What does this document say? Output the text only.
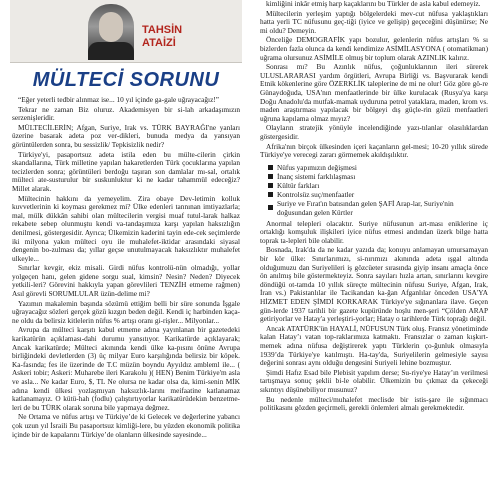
TAHSİN
ATAİZİ
MÜLTECİ SORUNU

“Eğer yeterli tedbir alınmaz ise... 10 yıl içinde ga-gale uğrayacağız!”

Tekrar ne zaman Biz oluruz. Akademisyen bir si-lah arkadaşımızın serzenişleridir.

MÜLTECİLERİN; Afgan, Suriye, Irak vs. TÜRK BAYRAĞI'ne yanları üzerine basarak adeta poz ver-dikleri, bunuda medya da yansıyan görüntülerden sonra, bu sessizlik/ Tepkisizlik nedir?

Türkiye'yi, pasaportsuz adeta istila eden bu mülte-cilerin çirkin skandallarına, Türk milletine yapılan hakaretlerden Türk çocuklarına yapılan tecizlerden sonra; görüntüleri berdoğu taşıran son damlalar mı-sal, ortalık mülteci ate-susturulur bir suskunluktur ki ne kadar tahammül edeceğiz? Millet alarak.

Mültecinin hakkını da yemeyelim. Zira obaye Dev-letimin kolluk kuvvetlerinin ki koyması gerekmez mi? Ülke edenleri tannınan imtiyazlarla; mal, mülk dükkân sahibi olan mültecilerin vergisi muaf tutul-larak halkaz rekabete sebep olunmuştu kendi va-tandaşımıza karşı yapılan haksızlığın denilmesi, göstergesidir. Ayrıca; Ülkemizin kaderini tayin ede-cek seçimlerde iki milyona yakın mülteci oyu ile muhalefet-iktidar arasındaki siyasal dengenin bo-zulması da; yıllar geçse unutulmayacak haksızlıktır muhalefet ulkeyle...

Sınırlar kevgir, ekiz misali. Girdi nüfus kontrolü-nün olmadığı, yollar yolgeçen hanı, gelen gidene sorgu sual, kimsin? Nesin? Neden? Diyecek yetkili-leri? Görevini hakkıyla yapan görevlileri TENZİH etmeme rağmen) Asıl görevli SORUMLULAR üzün-delime mi?

Yazımın makalemin başında sözümü ettiğim belli bir süre sonunda İşgale uğrayacağız sözleri gerçek gözü kızgın beden değil. Kendi iç harbinden kaça-ne oldu da belirsiz kitlelerin nüfus % artışı oranı gi-rişler... Milyonlar...

Avrupa da mülteci karşıtı kabul etmeme adına yayınlanan bir gazetedeki karikatürün açıklaması-dahi durumu yansıtıyor. Karikatürde açıklayarak; Ancak karikatürde; Mülteci akınında kendi ülke ka-pısını önüne Avrupa birliğindeki devletlerden (3) üç milyar Euro karşılığında belirsiz bir köpek. Ka-fasında; fes ile üzerinde de T.C müzün boyndu Ayyıldız ambleml ile... ( Askeri tobir; Askeri: Muharebe ileri Karakolu )( HEN) Benim Türkiye'm asla ve asla... Ne kadar Euro, $, TL Ne olursa ne kadar olsa da, kimi-senin MİK adına kendi ülkesi yozlaşmıyan haksızlık-larını meifaatine katlanamaz katlanamayız. O kütü-hah (fodlu) çalıştırtıyorlar karikatürüdekiın benzetme-leri de bu TÜRK olarak soruna bile yapmaya değmez.

Ne Ortama ve nüfus artışı ve Türkiye’de ki Gelecek ve değerlerine yabancı çok uzun yıl İsraili Bu pasaportsuz kimliği-lere, bu yüzden ekonomik politika içinde bir de kapalarını Türkiye’de olanların ülkesinde sayesinde...

kimliğini inkâr etmiş harp kaçaklarını bu Türkler de asla kabul edemeyiz.

Mültecilerin yerleşim yaptığı bölgelerdeki mev-cut nüfusa yaklaştıkları hatta yerli TC nüfusunu geç-tiği (iyice ve gelişip) geçeceğini düşünürse; Ne mi oldu? Demeyin.

Önceliğe DEMOGRAFİK yapı bozulur, gelenlerin nüfus artışları % sı bizlerden fazla olunca da kendi kendimize ASİMİLASYONA ( otomatikman) uğrama olursunuz ASİMİLE olmuş bir toplum olarak AZINLIK kalırız.

Sonrası mı? Bu Azınlık nüfus, çoğunluklarının ileri sürerek ULUSLARARASI yardım örgütleri, Avrupa Birliği vs. Başvurarak kendi Etnik kökenlerine göre ÖZERKLİK taleplerine de mi ne olur! Göz göre gö-re Günaydoğuda, USA'nın menfaatlerinde bir ülke kurulacak (Rusya'ya karşı Doğu Anadolu'da mutfak-mamak uyduruna petrol yataklara, maden, krom vs. maden araştırması yapılacak bir bölgeyi dış güçle-rin gözü menfaatleri uğruna kapılama olmaz mıyız?

Olayların stratejik yönüyle incelendiğinde yazı-tılanlar olasılıklardan göstergesidir.

Afrika'nın birçok ülkesinden içeri kaçanların gel-mesi; 10-20 yıllık sürede Türkiye'ye verecegi zararı görmemek akıldışılıktır.

Nüfus yapımızın değişmesi
İnanç sistemi farklılaşması
Kültür farkları
Kontrolsüz suç/menfaatler
Suriye ve Fırat'ın batısından gelen ŞAFİ Arap-lar, Suriye'nin doğusundan gelen Kürtler

Anormal telepleri olacaktır. Suriye nüfusunun art-ması eniklerine iç ortaklığı komşuluk ilişkileri iyice nüfus etmesi andından üzerk bilge hatta toprak ta-lepleri bile olabilir.

Bosnada, Irak'da da ne kadar yazıda da; konuyu anlamayan umursamayan bir kör ülke: Sınırlarımızı, si-nırımızı akınında adeta ışgal altında olduğumuzu dan Suriyelileri iş gözcüeter sırasında giyip insanı amaçla önce ön anılmış bile göstermekteyiz. Sonra sayıları hızla artan, sınırlarını kevgire döndüğü ot-tamda 10 yıllık süreçte mültecinin nüfusu Suriye, Afgan, Irak, İran vs.) Pakistanlılar ile Tacikandan ka-ğan Afganlılar önceden USA'YA HİZMET EDEN ŞİMDİ KORKARAK Türkiye'ye sığınanlara ilave. Geçen gün-lerde 1937 tarihli bir gazete kupüründe hoşlu men-şeri “Çölden ARAP getiriyorlar ve Hatay'a yerleştiri-yorlar; Hatay o tarihlerde Türk toprağı değil.

Ancak ATATÜRK'ün HAYALİ, NÜFUSUN Türk oluş. Fransız yönetiminde kalan Hatay’ı vatan top-raklarımıza katmaktı. Fransızlar o zaman kışkırt-memek adına nüfusa değiştirerek yaptı Türklerin ço-ğunluk olmasıyla 1939’da Türkiye'ye katılmıştı. Ha-tay'da, Suriyelilerin gelmesiyle sayısı değerini sonrası aynı olduğu dengesini Suriyeli lehine bozmuştur.

Şimdi Hafız Esad bile Plebisit yapılım derse; Su-riye'ye Hatay’ın verilmesi tartışmaya sonuç şeklii bi-le olabilir. Ülkemizin bu çıkmaz da çekeceği sıkıntıyı düşünebiliyor musunuz?

Bu nedenle mülteci/muhalefet meclisde bir istis-şare ile sığınmacı politikasını gözden geçirmeli, gerekli önlemleri almalı gerekmektedir.
